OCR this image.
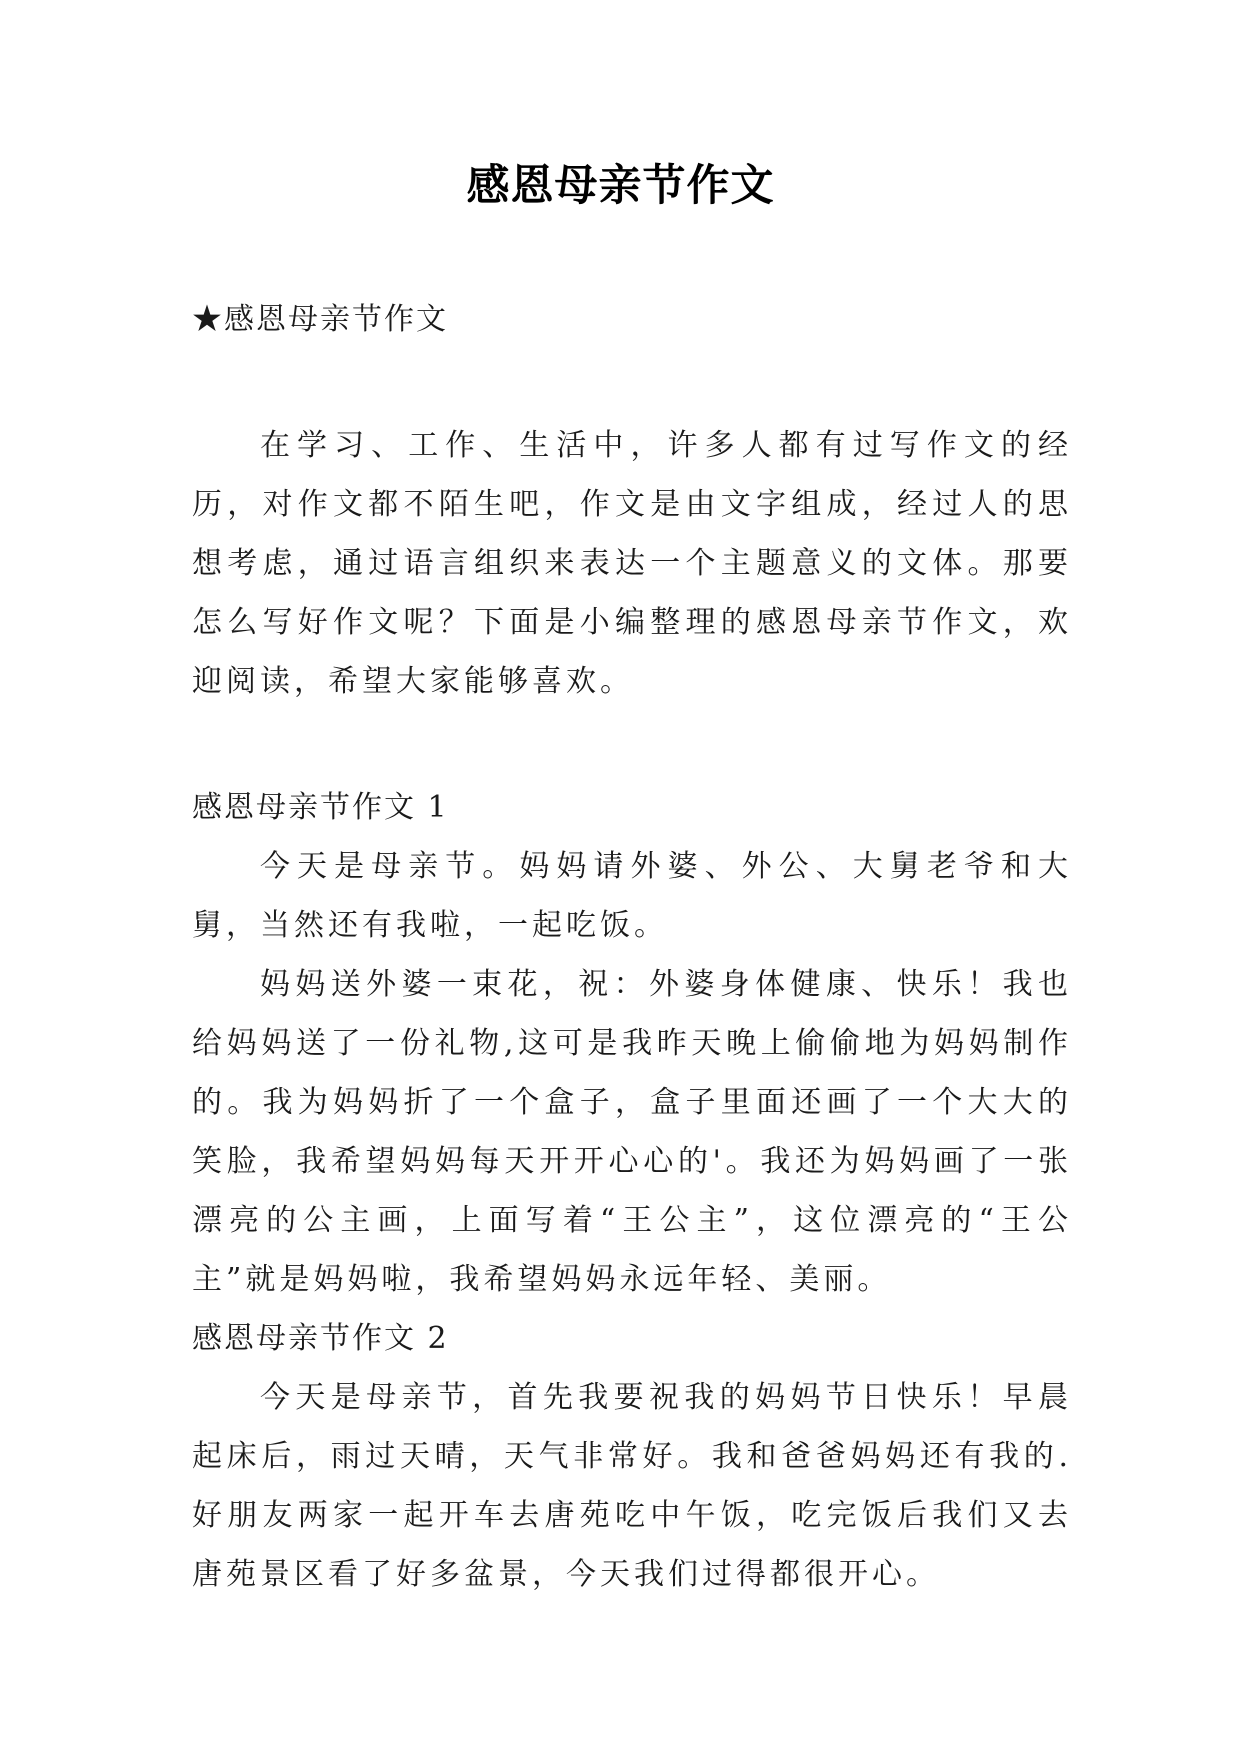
感恩母亲节作文

★感恩母亲节作文

在学习、工作、生活中，许多人都有过写作文的经历，对作文都不陌生吧，作文是由文字组成，经过人的思想考虑，通过语言组织来表达一个主题意义的文体。那要怎么写好作文呢？下面是小编整理的感恩母亲节作文，欢迎阅读，希望大家能够喜欢。

感恩母亲节作文 1

今天是母亲节。妈妈请外婆、外公、大舅老爷和大舅，当然还有我啦，一起吃饭。

妈妈送外婆一束花，祝：外婆身体健康、快乐！我也给妈妈送了一份礼物,这可是我昨天晚上偷偷地为妈妈制作的。我为妈妈折了一个盒子，盒子里面还画了一个大大的笑脸，我希望妈妈每天开开心心的'。我还为妈妈画了一张漂亮的公主画，上面写着“王公主”，这位漂亮的“王公主”就是妈妈啦，我希望妈妈永远年轻、美丽。

感恩母亲节作文 2

今天是母亲节，首先我要祝我的妈妈节日快乐！早晨起床后，雨过天晴，天气非常好。我和爸爸妈妈还有我的.好朋友两家一起开车去唐苑吃中午饭，吃完饭后我们又去唐苑景区看了好多盆景，今天我们过得都很开心。
